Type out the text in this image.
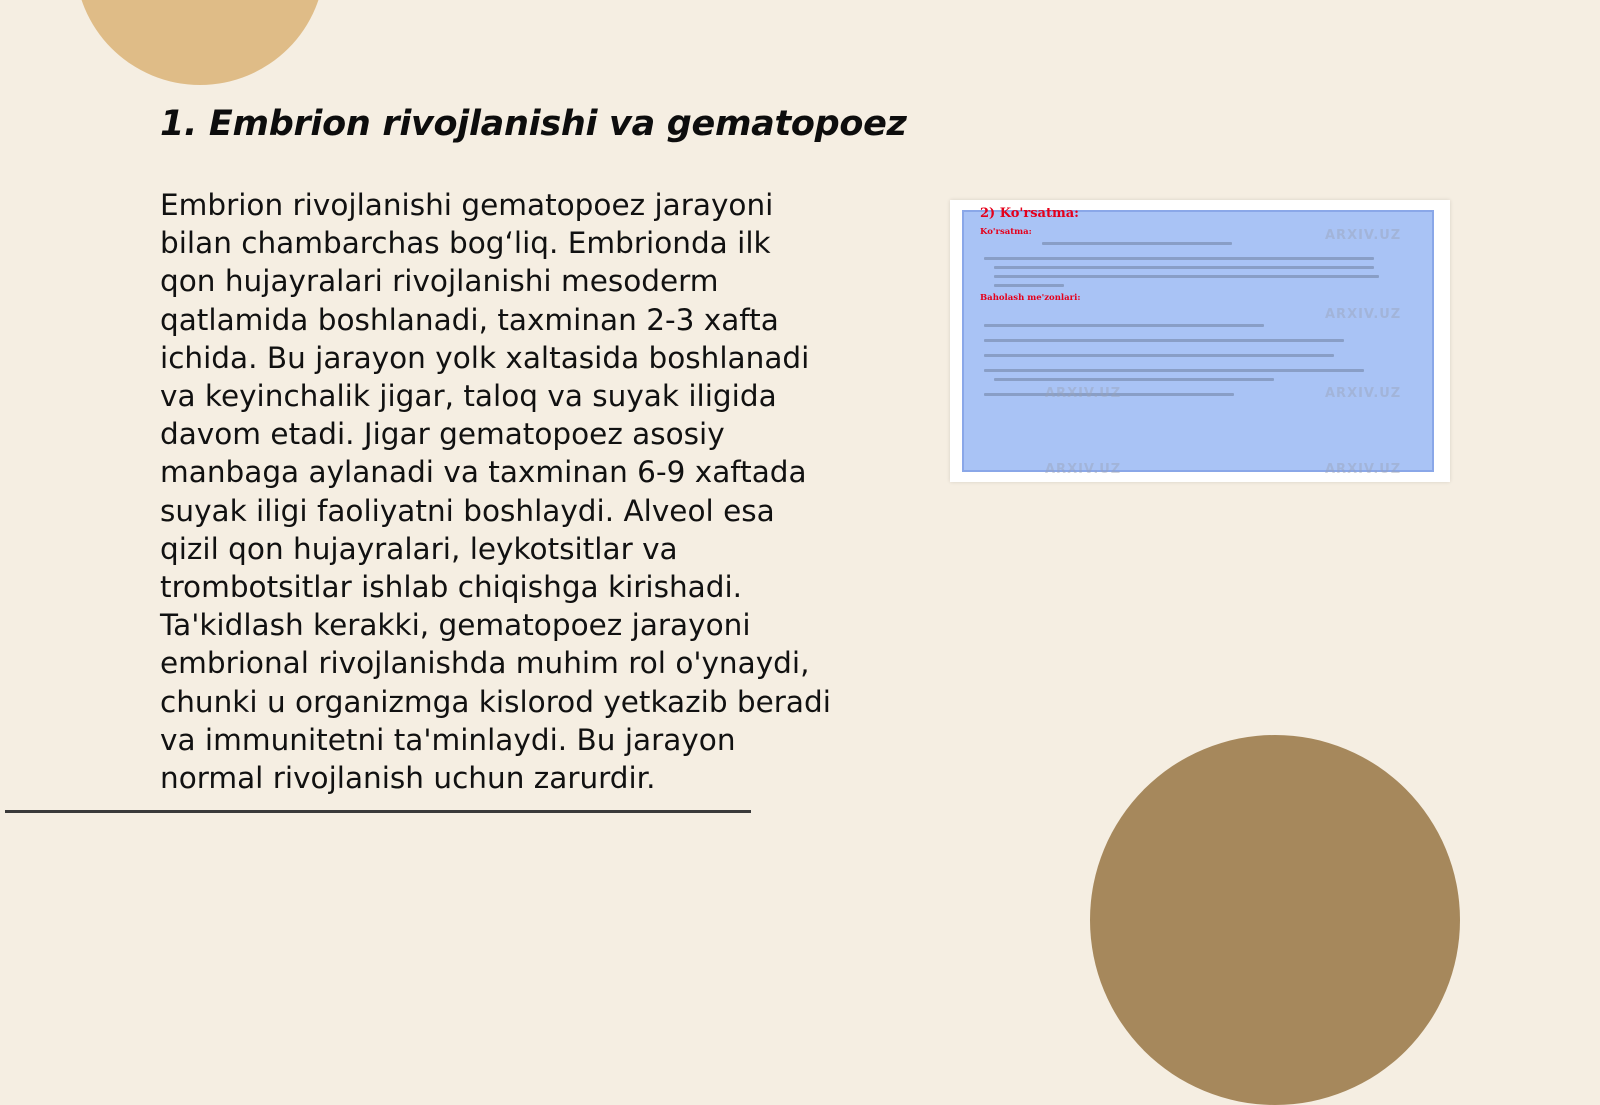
1. Embrion rivojlanishi va gematopoez

Embrion rivojlanishi gematopoez jarayoni bilan chambarchas bog‘liq. Embrionda ilk qon hujayralari rivojlanishi mesoderm qatlamida boshlanadi, taxminan 2-3 xafta ichida. Bu jarayon yolk xaltasida boshlanadi va keyinchalik jigar, taloq va suyak iligida davom etadi. Jigar gematopoez asosiy manbaga aylanadi va taxminan 6-9 xaftada suyak iligi faoliyatni boshlaydi. Alveol esa qizil qon hujayralari, leykotsitlar va trombotsitlar ishlab chiqishga kirishadi. Ta'kidlash kerakki, gematopoez jarayoni embrional rivojlanishda muhim rol o'ynaydi, chunki u organizmga kislorod yetkazib beradi va immunitetni ta'minlaydi. Bu jarayon normal rivojlanish uchun zarurdir.

2) Ko'rsatma:
Ko'rsatma:
Baholash me'zonlari:
ARXIV.UZ
ARXIV.UZ
ARXIV.UZ
ARXIV.UZ
ARXIV.UZ	ARXIV.UZ
